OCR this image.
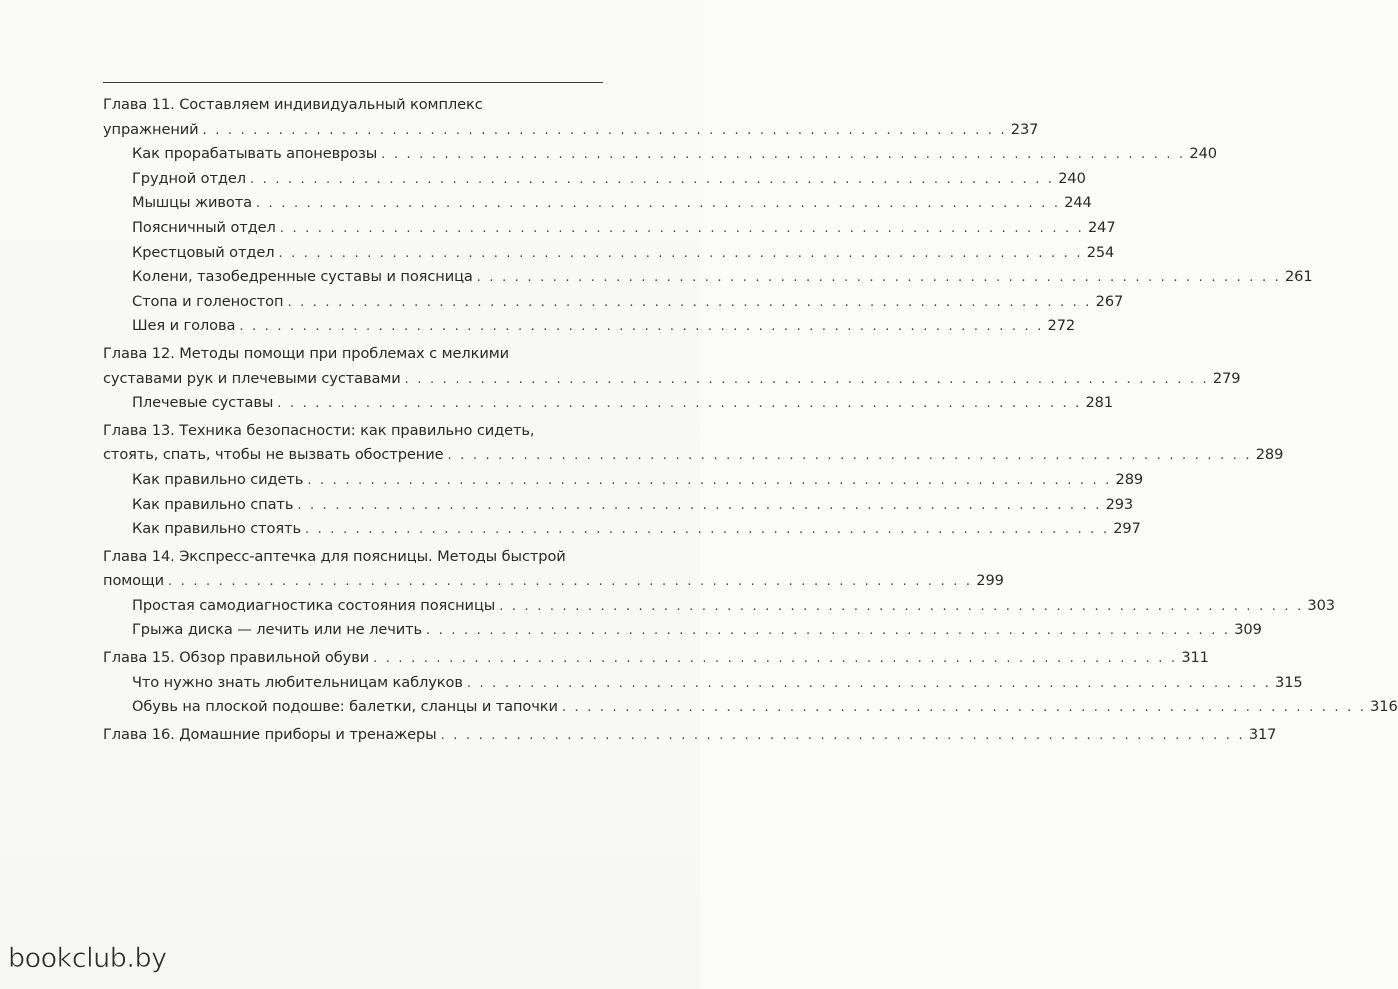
Глава 11. Составляем индивидуальный комплекс
упражнений . . . . . . . . . . . . . . . . . . . . . . . . . . . . . . . . . . . . . . . . . . . . . . . . . . . . . . . . . . . . . . . . 237
Как прорабатывать апоневрозы . . . . . . . . . . . . . . . . . . . . . . . . . . . . . . . . . . . . . . . . . . . . . . . . . . . . . . . . . . . . . . . . 240
Грудной отдел . . . . . . . . . . . . . . . . . . . . . . . . . . . . . . . . . . . . . . . . . . . . . . . . . . . . . . . . . . . . . . . . 240
Мышцы живота . . . . . . . . . . . . . . . . . . . . . . . . . . . . . . . . . . . . . . . . . . . . . . . . . . . . . . . . . . . . . . . . 244
Поясничный отдел . . . . . . . . . . . . . . . . . . . . . . . . . . . . . . . . . . . . . . . . . . . . . . . . . . . . . . . . . . . . . . . . 247
Крестцовый отдел . . . . . . . . . . . . . . . . . . . . . . . . . . . . . . . . . . . . . . . . . . . . . . . . . . . . . . . . . . . . . . . . 254
Колени, тазобедренные суставы и поясница . . . . . . . . . . . . . . . . . . . . . . . . . . . . . . . . . . . . . . . . . . . . . . . . . . . . . . . . . . . . . . . . 261
Стопа и голеностоп . . . . . . . . . . . . . . . . . . . . . . . . . . . . . . . . . . . . . . . . . . . . . . . . . . . . . . . . . . . . . . . . 267
Шея и голова . . . . . . . . . . . . . . . . . . . . . . . . . . . . . . . . . . . . . . . . . . . . . . . . . . . . . . . . . . . . . . . . 272
Глава 12. Методы помощи при проблемах с мелкими
суставами рук и плечевыми суставами . . . . . . . . . . . . . . . . . . . . . . . . . . . . . . . . . . . . . . . . . . . . . . . . . . . . . . . . . . . . . . . . 279
Плечевые суставы . . . . . . . . . . . . . . . . . . . . . . . . . . . . . . . . . . . . . . . . . . . . . . . . . . . . . . . . . . . . . . . . 281
Глава 13. Техника безопасности: как правильно сидеть,
стоять, спать, чтобы не вызвать обострение . . . . . . . . . . . . . . . . . . . . . . . . . . . . . . . . . . . . . . . . . . . . . . . . . . . . . . . . . . . . . . . . 289
Как правильно сидеть . . . . . . . . . . . . . . . . . . . . . . . . . . . . . . . . . . . . . . . . . . . . . . . . . . . . . . . . . . . . . . . . 289
Как правильно спать . . . . . . . . . . . . . . . . . . . . . . . . . . . . . . . . . . . . . . . . . . . . . . . . . . . . . . . . . . . . . . . . 293
Как правильно стоять . . . . . . . . . . . . . . . . . . . . . . . . . . . . . . . . . . . . . . . . . . . . . . . . . . . . . . . . . . . . . . . . 297
Глава 14. Экспресс-аптечка для поясницы. Методы быстрой
помощи . . . . . . . . . . . . . . . . . . . . . . . . . . . . . . . . . . . . . . . . . . . . . . . . . . . . . . . . . . . . . . . . 299
Простая самодиагностика состояния поясницы . . . . . . . . . . . . . . . . . . . . . . . . . . . . . . . . . . . . . . . . . . . . . . . . . . . . . . . . . . . . . . . . 303
Грыжа диска — лечить или не лечить . . . . . . . . . . . . . . . . . . . . . . . . . . . . . . . . . . . . . . . . . . . . . . . . . . . . . . . . . . . . . . . . 309
Глава 15. Обзор правильной обуви . . . . . . . . . . . . . . . . . . . . . . . . . . . . . . . . . . . . . . . . . . . . . . . . . . . . . . . . . . . . . . . . 311
Что нужно знать любительницам каблуков . . . . . . . . . . . . . . . . . . . . . . . . . . . . . . . . . . . . . . . . . . . . . . . . . . . . . . . . . . . . . . . . 315
Обувь на плоской подошве: балетки, сланцы и тапочки . . . . . . . . . . . . . . . . . . . . . . . . . . . . . . . . . . . . . . . . . . . . . . . . . . . . . . . . . . . . . . . . 316
Глава 16. Домашние приборы и тренажеры . . . . . . . . . . . . . . . . . . . . . . . . . . . . . . . . . . . . . . . . . . . . . . . . . . . . . . . . . . . . . . . . 317
bookclub.by
